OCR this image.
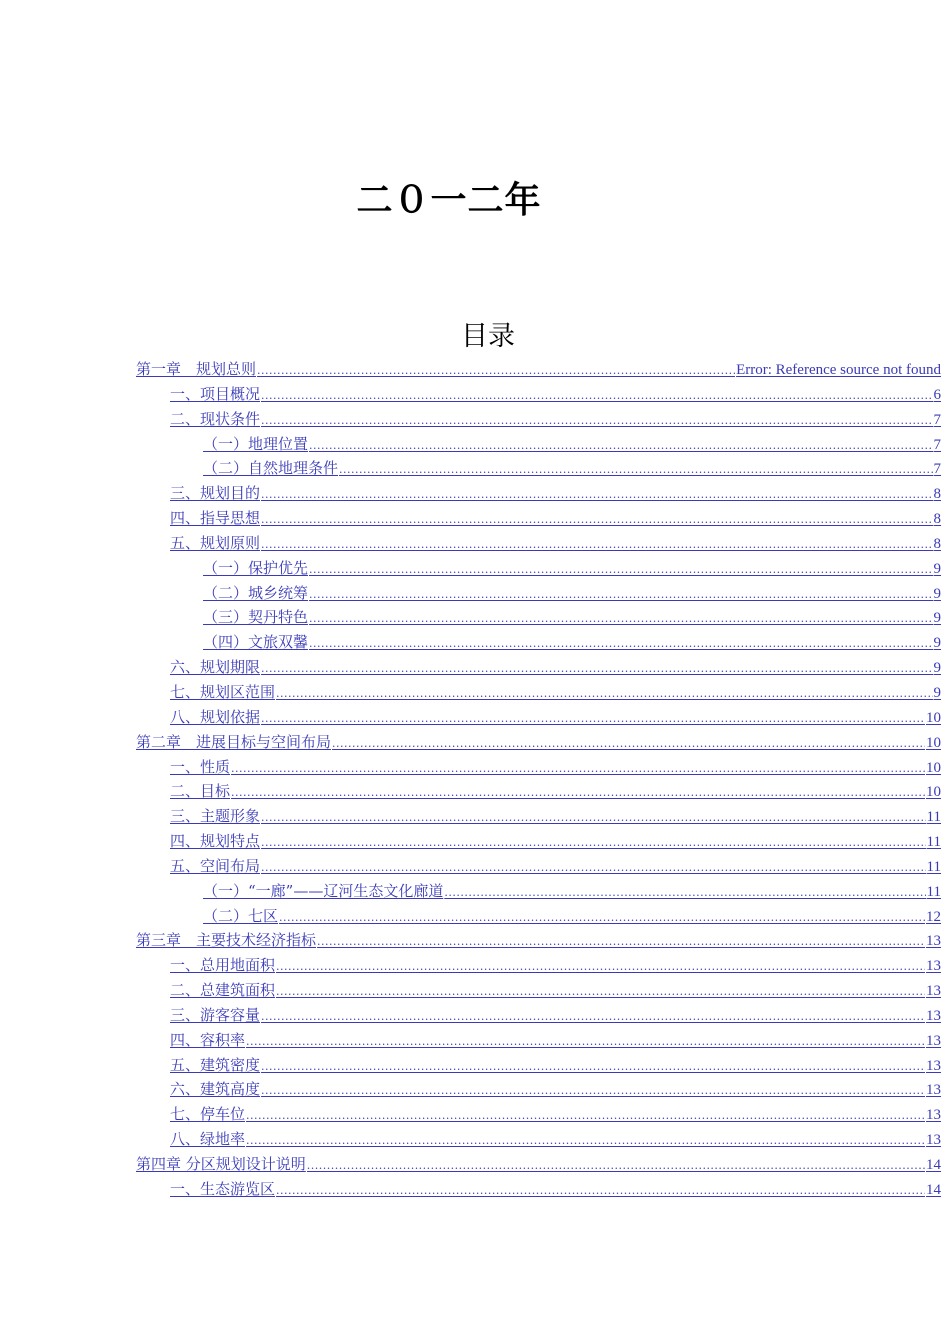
二０一二年
目录
第一章　规划总则 .....	Error: Reference source not found
一、项目概况 .....	6
二、现状条件 .....	7
（一）地理位置 .....	7
（二）自然地理条件 .....	7
三、规划目的 .....	8
四、指导思想 .....	8
五、规划原则 .....	8
（一）保护优先 .....	9
（二）城乡统筹 .....	9
（三）契丹特色 .....	9
（四）文旅双馨 .....	9
六、规划期限 .....	9
七、规划区范围 .....	9
八、规划依据 .....	10
第二章　进展目标与空间布局 .....	10
一、性质 .....	10
二、目标 .....	10
三、主题形象 .....	11
四、规划特点 .....	11
五、空间布局 .....	11
（一）“一廊”——辽河生态文化廊道 .....	11
（二）七区 .....	12
第三章　主要技术经济指标 .....	13
一、总用地面积 .....	13
二、总建筑面积 .....	13
三、游客容量 .....	13
四、容积率 .....	13
五、建筑密度 .....	13
六、建筑高度 .....	13
七、停车位 .....	13
八、绿地率 .....	13
第四章 分区规划设计说明 .....	14
一、生态游览区 .....	14
